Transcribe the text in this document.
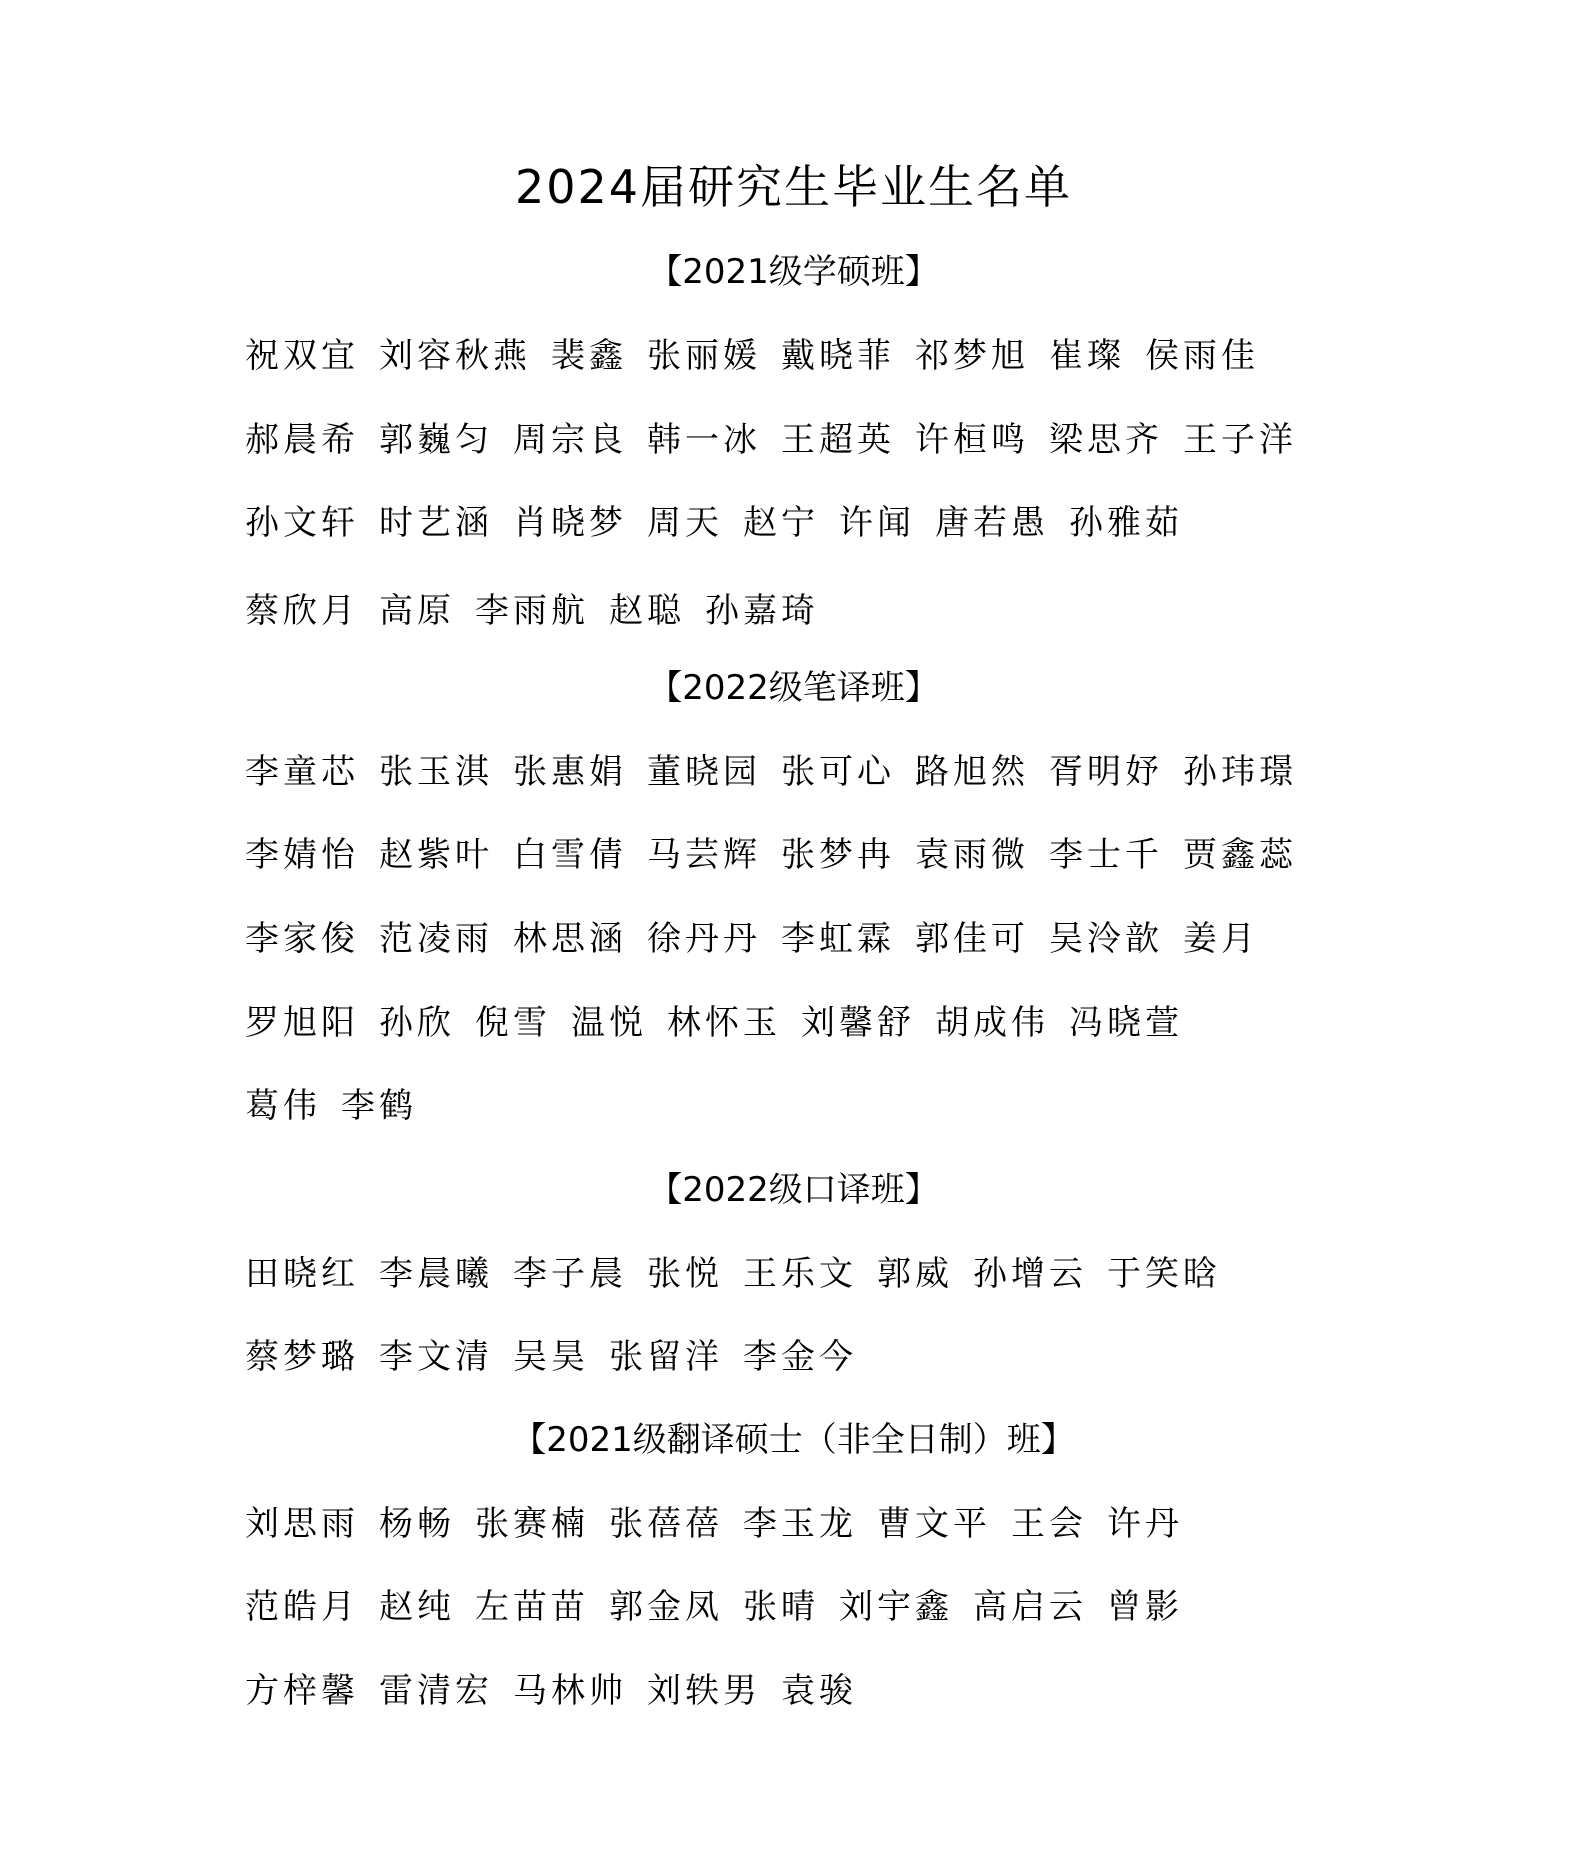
2024届研究生毕业生名单
【2021级学硕班】
祝双宜 刘容秋燕 裴鑫 张丽媛 戴晓菲 祁梦旭 崔璨 侯雨佳
郝晨希 郭巍匀 周宗良 韩一冰 王超英 许桓鸣 梁思齐 王子洋
孙文轩 时艺涵 肖晓梦 周天 赵宁 许闻 唐若愚 孙雅茹
蔡欣月 高原 李雨航 赵聪 孙嘉琦
【2022级笔译班】
李童芯 张玉淇 张惠娟 董晓园 张可心 路旭然 胥明妤 孙玮璟
李婧怡 赵紫叶 白雪倩 马芸辉 张梦冉 袁雨微 李士千 贾鑫蕊
李家俊 范凌雨 林思涵 徐丹丹 李虹霖 郭佳可 吴泠歆 姜月
罗旭阳 孙欣 倪雪 温悦 林怀玉 刘馨舒 胡成伟 冯晓萱
葛伟 李鹤
【2022级口译班】
田晓红 李晨曦 李子晨 张悦 王乐文 郭威 孙增云 于笑晗
蔡梦璐 李文清 吴昊 张留洋 李金今
【2021级翻译硕士（非全日制）班】
刘思雨 杨畅 张赛楠 张蓓蓓 李玉龙 曹文平 王会 许丹
范皓月 赵纯 左苗苗 郭金凤 张晴 刘宇鑫 高启云 曾影
方梓馨 雷清宏 马林帅 刘轶男 袁骏
